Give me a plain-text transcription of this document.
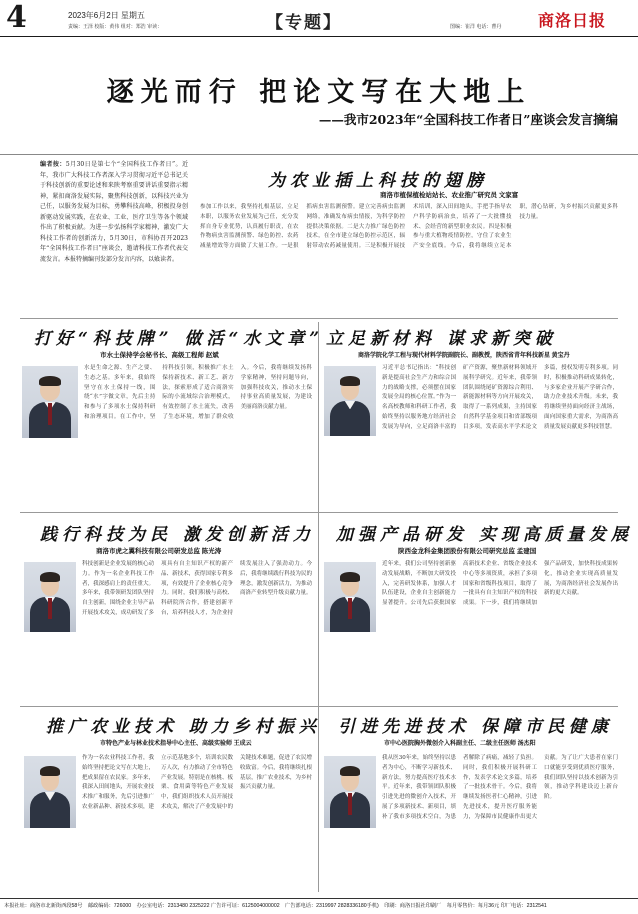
4	2023年6月2日 星期五
责编：王泽 校版：黄伟 组对：郑浩 审读：	【专题】	图编：崔洋 电话：曹丹 商洛日报
逐光而行 把论文写在大地上
——我市2023年“全国科技工作者日”座谈会发言摘编
编者按：5月30日是第七个“全国科技工作者日”。近年，我市广大科技工作者深入学习贯彻习近平总书记关于科技创新的重要论述和来陕考察重要讲话重要指示精神，紧扣商洛发展实际，聚焦科技创新，以科技兴业为己任，以服务发展为目标，勇攀科技高峰，积极投身创新驱动发展实践，在农业、工业、医疗卫生等各个领域作出了积极贡献。为进一步弘扬科学家精神，激发广大科技工作者的创新活力，5月30日，市科协召开2023年“全国科技工作者日”座谈会，邀请科技工作者代表交流发言。本报特摘编刊发部分发言内容，以飨读者。
为农业插上科技的翅膀
商洛市植保植检站站长、农业推广研究员 文家富
参加工作以来，我坚持扎根基层，立足本职，以服务农业发展为己任，充分发挥自身专业优势，认真履行职责，在农作物病虫害监测预警、绿色防控、农药减量增效等方面做了大量工作。一是狠抓病虫害监测预警。建立完善病虫监测网络，准确发布病虫情报，为科学防控提供决策依据。二是大力推广绿色防控技术，在全市建立绿色防控示范区，辐射带动农药减量使用。三是积极开展技术培训，深入田间地头，手把手指导农户科学防病治虫，培养了一大批懂技术、会经营的新型职业农民。四是积极参与重大植物疫情防控，守住了农业生产安全底线。今后，我将继续立足本职，潜心钻研，为乡村振兴贡献更多科技力量。
打好“科技牌” 做活“水文章”
市水土保持学会秘书长、高级工程师 赵斌
水是生命之源、生产之要、生态之基。多年来，我始终坚守在水土保持一线，围绕“水”字做文章，先后主持和参与了多项水土保持科研和治理项目。在工作中，坚持科技引领，积极推广水土保持新技术、新工艺、新方法，探索形成了适合商洛实际的小流域综合治理模式，有效控制了水土流失，改善了生态环境，增加了群众收入。今后，我将继续发扬科学家精神，坚持问题导向，加强科技攻关，推动水土保持事业高质量发展，为建设美丽商洛贡献力量。
立足新材料 谋求新突破
商洛学院化学工程与现代材料学院副院长、副教授，陕西省青年科技新星 黄宝丹
习近平总书记指出：“科技创新是提高社会生产力和综合国力的战略支撑，必须摆在国家发展全局的核心位置。”作为一名高校教师和科研工作者，我始终坚持以服务地方经济社会发展为导向，立足商洛丰富的矿产资源，聚焦新材料领域开展科学研究。近年来，我带领团队围绕尾矿资源综合利用、新能源材料等方向开展攻关，取得了一系列成果，主持国家自然科学基金项目和省部级项目多项，发表高水平学术论文多篇，授权发明专利多项。同时，积极推动科研成果转化，与多家企业开展产学研合作，助力企业技术升级。未来，我将继续坚持面向经济主战场，面向国家重大需求，为商洛高质量发展贡献更多科技智慧。
践行科技为民 激发创新活力
商洛市虎之翼科技有限公司研发总监 陈光涛
科技创新是企业发展的核心动力。作为一名企业科技工作者，我深感肩上的责任重大。多年来，我带领研发团队坚持自主创新，围绕企业主导产品开展技术攻关，成功研发了多项具有自主知识产权的新产品、新技术，获得国家专利多项，有效提升了企业核心竞争力。同时，我们积极与高校、科研院所合作，搭建创新平台，培养科技人才，为企业持续发展注入了强劲动力。今后，我将继续践行科技为民的理念，激发创新活力，为推动商洛产业转型升级贡献力量。
加强产品研发 实现高质量发展
陕西金龙科金集团股份有限公司研究总监 孟建国
近年来，我们公司坚持创新驱动发展战略，不断加大研发投入，完善研发体系，加强人才队伍建设，企业自主创新能力显著提升。公司先后获批国家高新技术企业、省级企业技术中心等多项资质，承担了多项国家和省级科技项目，取得了一批具有自主知识产权的科技成果。下一步，我们将继续加强产品研发，加快科技成果转化，推动企业实现高质量发展，为商洛经济社会发展作出新的更大贡献。
推广农业技术 助力乡村振兴
市特色产业与林业技术指导中心主任、高级实验师 王成云
作为一名农业科技工作者，我始终坚持把论文写在大地上，把成果留在农民家。多年来，我深入田间地头，开展农业技术推广和服务，先后引进推广农业新品种、新技术多项，建立示范基地多个，培训农民数万人次，有力推动了全市特色产业发展。特别是在核桃、板栗、食用菌等特色产业发展中，我们组织技术人员开展技术攻关，解决了产业发展中的关键技术难题，促进了农民增收致富。今后，我将继续扎根基层，推广农业技术，为乡村振兴贡献力量。
引进先进技术 保障市民健康
市中心医院胸外微创介入科副主任、二级主任医师 汤杰阳
我从医30年来，始终坚持以患者为中心，不断学习新技术、新方法，努力提高医疗技术水平。近年来，我带领团队积极引进先进的微创介入技术，开展了多项新技术、新项目，填补了我市多项技术空白，为患者解除了病痛，减轻了负担。同时，我们积极开展科研工作，发表学术论文多篇，培养了一批技术骨干。今后，我将继续发扬医者仁心精神，引进先进技术，提升医疗服务能力，为保障市民健康作出更大贡献。为了让广大患者在家门口就能享受到优质医疗服务，我们团队坚持以技术创新为引领，推动学科建设迈上新台阶。
本报社址：商洛市北新街西段58号 邮政编码：726000 办公室电话：2313480 2325222 广告许可证：6125004000002 广告部电话：2319997 2828336180手机) 印刷：商洛日报社印刷厂 每月零售价：每月36元 印厂电话：2312541
